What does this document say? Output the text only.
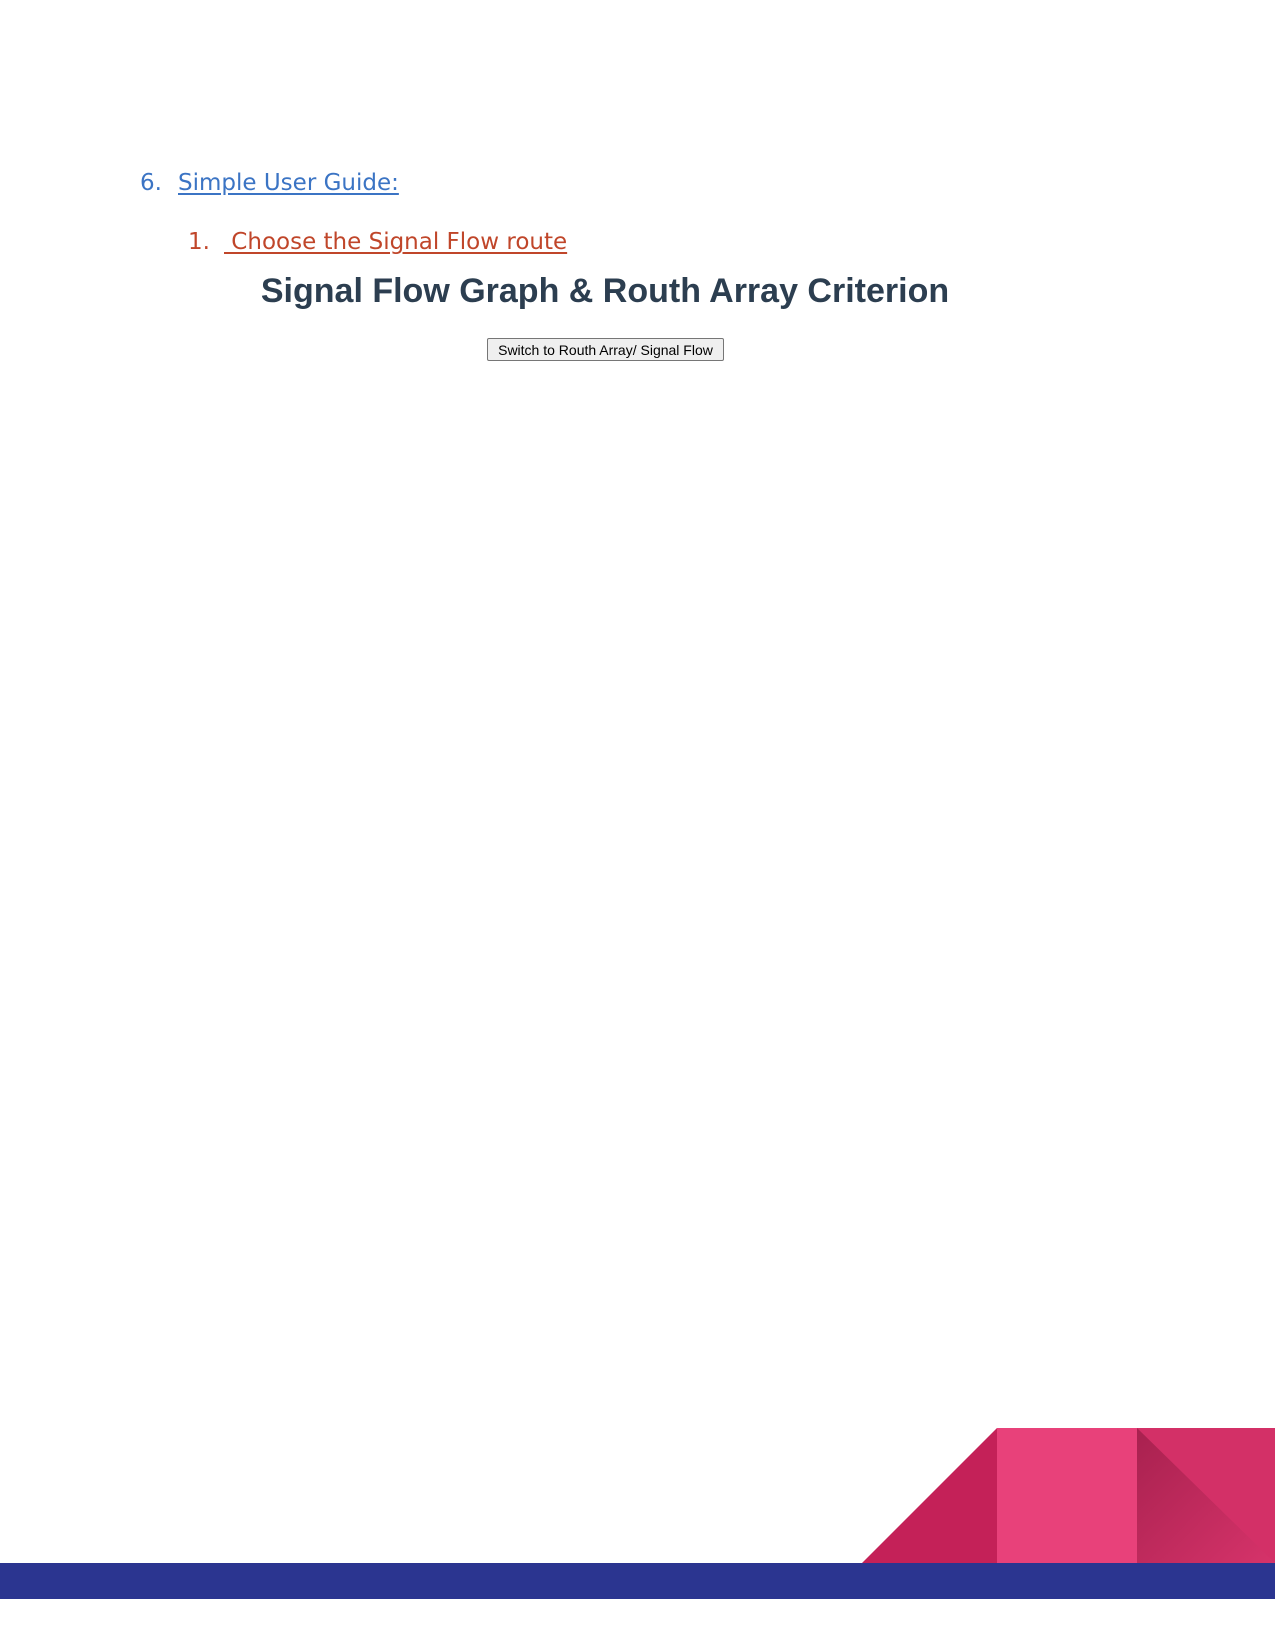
6. Simple User Guide:
1. Choose the Signal Flow route
Signal Flow Graph & Routh Array Criterion
Switch to Routh Array/ Signal Flow
